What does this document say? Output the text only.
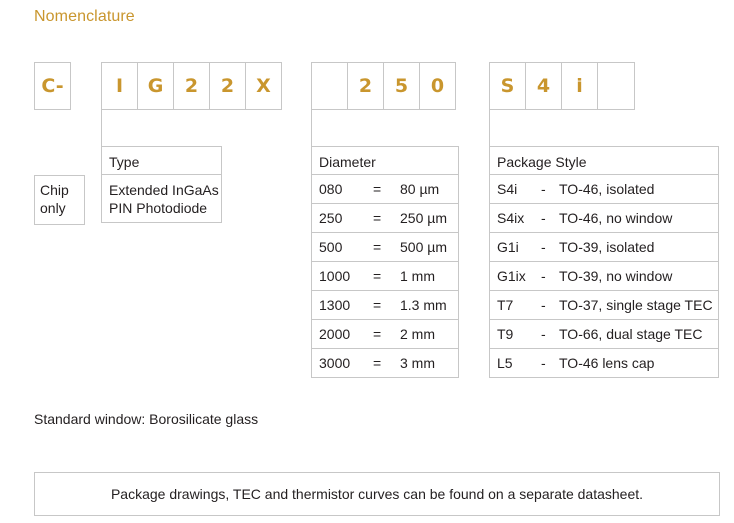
Nomenclature
C-	I	G	2	2	X	2	5	0	S	4	i
Chip only
Type
Extended InGaAs
PIN Photodiode
Diameter
080 = 80 µm
250 = 250 µm
500 = 500 µm
1000 = 1 mm
1300 = 1.3 mm
2000 = 2 mm
3000 = 3 mm
Package Style
S4i - TO-46, isolated
S4ix - TO-46, no window
G1i - TO-39, isolated
G1ix - TO-39, no window
T7 - TO-37, single stage TEC
T9 - TO-66, dual stage TEC
L5 - TO-46 lens cap
Standard window: Borosilicate glass
Package drawings, TEC and thermistor curves can be found on a separate datasheet.
